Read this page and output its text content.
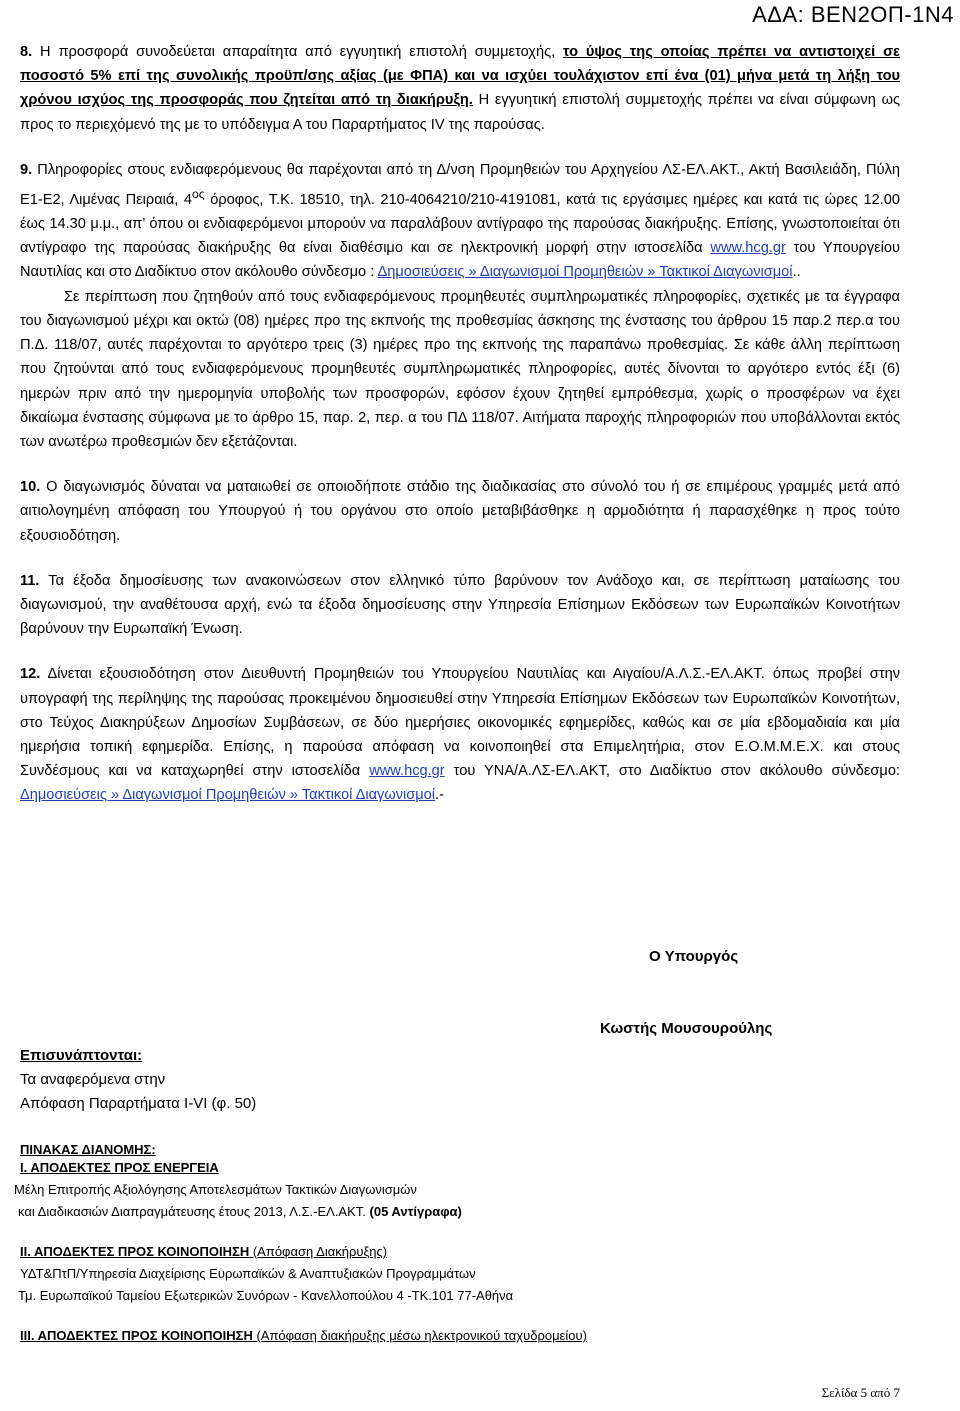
ΑΔΑ: ΒΕΝ2ΟΠ-1Ν4

8. Η προσφορά συνοδεύεται απαραίτητα από εγγυητική επιστολή συμμετοχής, το ύψος της οποίας πρέπει να αντιστοιχεί σε ποσοστό 5% επί της συνολικής προϋπ/σης αξίας (με ΦΠΑ) και να ισχύει τουλάχιστον επί ένα (01) μήνα μετά τη λήξη του χρόνου ισχύος της προσφοράς που ζητείται από τη διακήρυξη. Η εγγυητική επιστολή συμμετοχής πρέπει να είναι σύμφωνη ως προς το περιεχόμενό της με το υπόδειγμα Α του Παραρτήματος IV της παρούσας.

9. Πληροφορίες στους ενδιαφερόμενους θα παρέχονται από τη Δ/νση Προμηθειών του Αρχηγείου ΛΣ-ΕΛ.ΑΚΤ., Ακτή Βασιλειάδη, Πύλη Ε1-Ε2, Λιμένας Πειραιά, $4^{o\varsigma}$ όροφος, Τ.Κ. 18510, τηλ. 210-4064210/210-4191081, κατά τις εργάσιμες ημέρες και κατά τις ώρες 12.00 έως 14.30 μ.μ., απ’ όπου οι ενδιαφερόμενοι μπορούν να παραλάβουν αντίγραφο της παρούσας διακήρυξης. Επίσης, γνωστοποιείται ότι αντίγραφο της παρούσας διακήρυξης θα είναι διαθέσιμο και σε ηλεκτρονική μορφή στην ιστοσελίδα www.hcg.gr του Υπουργείου Ναυτιλίας και στο Διαδίκτυο στον ακόλουθο σύνδεσμο : Δημοσιεύσεις » Διαγωνισμοί Προμηθειών » Τακτικοί Διαγωνισμοί..

Σε περίπτωση που ζητηθούν από τους ενδιαφερόμενους προμηθευτές συμπληρωματικές πληροφορίες, σχετικές με τα έγγραφα του διαγωνισμού μέχρι και οκτώ (08) ημέρες προ της εκπνοής της προθεσμίας άσκησης της ένστασης του άρθρου 15 παρ.2 περ.α του Π.Δ. 118/07, αυτές παρέχονται το αργότερο τρεις (3) ημέρες προ της εκπνοής της παραπάνω προθεσμίας. Σε κάθε άλλη περίπτωση που ζητούνται από τους ενδιαφερόμενους προμηθευτές συμπληρωματικές πληροφορίες, αυτές δίνονται το αργότερο εντός έξι (6) ημερών πριν από την ημερομηνία υποβολής των προσφορών, εφόσον έχουν ζητηθεί εμπρόθεσμα, χωρίς ο προσφέρων να έχει δικαίωμα ένστασης σύμφωνα με το άρθρο 15, παρ. 2, περ. α του ΠΔ 118/07. Αιτήματα παροχής πληροφοριών που υποβάλλονται εκτός των ανωτέρω προθεσμιών δεν εξετάζονται.

10. Ο διαγωνισμός δύναται να ματαιωθεί σε οποιοδήποτε στάδιο της διαδικασίας στο σύνολό του ή σε επιμέρους γραμμές μετά από αιτιολογημένη απόφαση του Υπουργού ή του οργάνου στο οποίο μεταβιβάσθηκε η αρμοδιότητα ή παρασχέθηκε η προς τούτο εξουσιοδότηση.

11. Τα έξοδα δημοσίευσης των ανακοινώσεων στον ελληνικό τύπο βαρύνουν τον Ανάδοχο και, σε περίπτωση ματαίωσης του διαγωνισμού, την αναθέτουσα αρχή, ενώ τα έξοδα δημοσίευσης στην Υπηρεσία Επίσημων Εκδόσεων των Ευρωπαϊκών Κοινοτήτων βαρύνουν την Ευρωπαϊκή Ένωση.

12. Δίνεται εξουσιοδότηση στον Διευθυντή Προμηθειών του Υπουργείου Ναυτιλίας και Αιγαίου/Α.Λ.Σ.-ΕΛ.ΑΚΤ. όπως προβεί στην υπογραφή της περίληψης της παρούσας προκειμένου δημοσιευθεί στην Υπηρεσία Επίσημων Εκδόσεων των Ευρωπαϊκών Κοινοτήτων, στο Τεύχος Διακηρύξεων Δημοσίων Συμβάσεων, σε δύο ημερήσιες οικονομικές εφημερίδες, καθώς και σε μία εβδομαδιαία και μία ημερήσια τοπική εφημερίδα. Επίσης, η παρούσα απόφαση να κοινοποιηθεί στα Επιμελητήρια, στον Ε.Ο.Μ.Μ.Ε.Χ. και στους Συνδέσμους και να καταχωρηθεί στην ιστοσελίδα www.hcg.gr του ΥΝΑ/Α.ΛΣ-ΕΛ.ΑΚΤ, στο Διαδίκτυο στον ακόλουθο σύνδεσμο: Δημοσιεύσεις » Διαγωνισμοί Προμηθειών » Τακτικοί Διαγωνισμοί.-

Ο Υπουργός
Κωστής Μουσουρούλης
Επισυνάπτονται:
Τα αναφερόμενα στην
Απόφαση Παραρτήματα I-VI (φ. 50)
ΠΙΝΑΚΑΣ ΔΙΑΝΟΜΗΣ:
Ι. ΑΠΟΔΕΚΤΕΣ ΠΡΟΣ ΕΝΕΡΓΕΙΑ
Μέλη Επιτροπής Αξιολόγησης Αποτελεσμάτων Τακτικών Διαγωνισμών
και Διαδικασιών Διαπραγμάτευσης έτους 2013, Λ.Σ.-ΕΛ.ΑΚΤ. (05 Αντίγραφα)
ΙΙ. ΑΠΟΔΕΚΤΕΣ ΠΡΟΣ ΚΟΙΝΟΠΟΙΗΣΗ (Απόφαση Διακήρυξης)
ΥΔΤ&ΠτΠ/Υπηρεσία Διαχείρισης Ευρωπαϊκών & Αναπτυξιακών Προγραμμάτων
Τμ. Ευρωπαϊκού Ταμείου Εξωτερικών Συνόρων - Κανελλοπούλου 4 -ΤΚ.101 77-Αθήνα
ΙΙΙ. ΑΠΟΔΕΚΤΕΣ ΠΡΟΣ ΚΟΙΝΟΠΟΙΗΣΗ (Απόφαση διακήρυξης μέσω ηλεκτρονικού ταχυδρομείου)
Σελίδα 5 από 7
